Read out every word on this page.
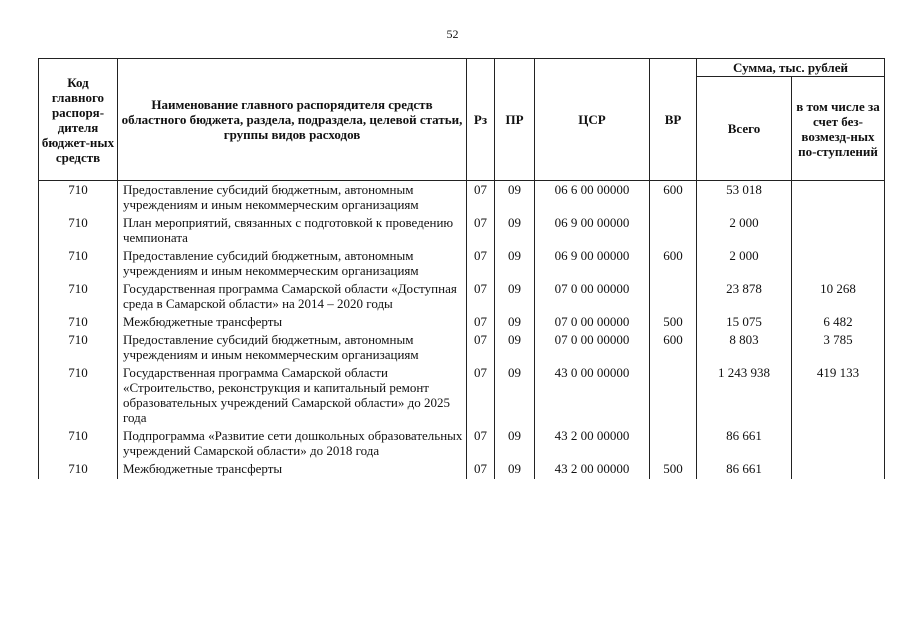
52
Код главного распоря-дителя бюджет-ных средств	Наименование главного распорядителя средств областного бюджета, раздела, подраздела, целевой статьи, группы видов расходов	Рз	ПР	ЦСР	ВР	Сумма, тыс. рублей	
						Всего	в том числе за счет без-возмезд-ных по-ступлений
710	Предоставление субсидий бюджетным, автономным учреждениям и иным некоммерческим организациям	07	09	06 6 00 00000	600	53 018	
710	План мероприятий, связанных с подготовкой к проведению чемпионата	07	09	06 9 00 00000		2 000	
710	Предоставление субсидий бюджетным, автономным учреждениям и иным некоммерческим организациям	07	09	06 9 00 00000	600	2 000	
710	Государственная программа Самарской области «Доступная среда в Самарской области» на 2014 – 2020 годы	07	09	07 0 00 00000		23 878	10 268
710	Межбюджетные трансферты	07	09	07 0 00 00000	500	15 075	6 482
710	Предоставление субсидий бюджетным, автономным учреждениям и иным некоммерческим организациям	07	09	07 0 00 00000	600	8 803	3 785
710	Государственная программа Самарской области «Строительство, реконструкция и капитальный ремонт образовательных учреждений Самарской области» до 2025 года	07	09	43 0 00 00000		1 243 938	419 133
710	Подпрограмма «Развитие сети дошкольных образовательных учреждений Самарской области» до 2018 года	07	09	43 2 00 00000		86 661	
710	Межбюджетные трансферты	07	09	43 2 00 00000	500	86 661	
